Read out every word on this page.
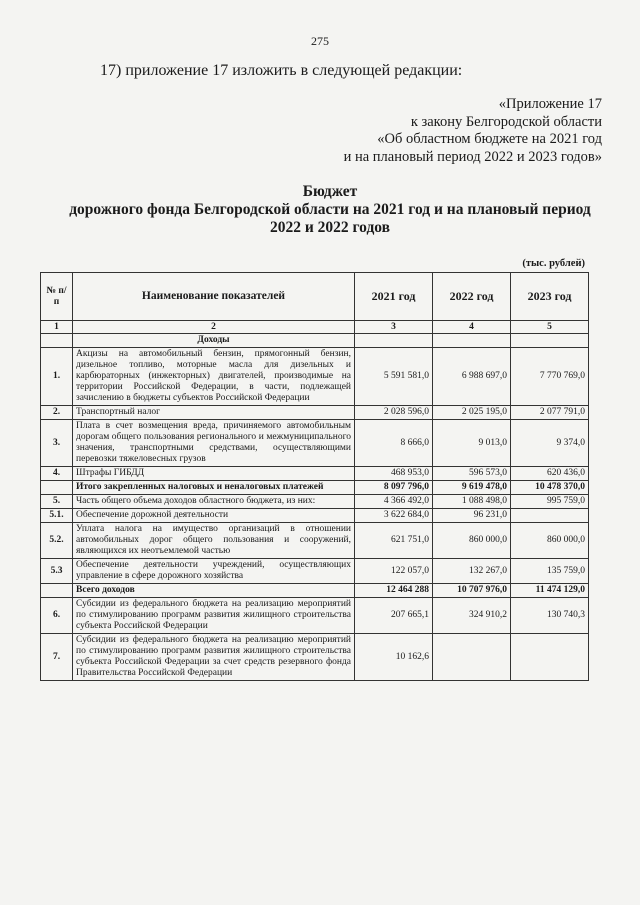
275
17) приложение 17 изложить в следующей редакции:
«Приложение 17
к закону Белгородской области
«Об областном бюджете на 2021 год
и на плановый период 2022 и 2023 годов»
Бюджет
дорожного фонда Белгородской области на 2021 год и на плановый период
2022 и 2022 годов
(тыс. рублей)
№ п/п	Наименование показателей	2021 год	2022 год	2023 год
1	2	3	4	5
	Доходы			
1.	Акцизы на автомобильный бензин, прямогонный бензин, дизельное топливо, моторные масла для дизельных и карбюраторных (инжекторных) двигателей, производимые на территории Российской Федерации, в части, подлежащей зачислению в бюджеты субъектов Российской Федерации	5 591 581,0	6 988 697,0	7 770 769,0
2.	Транспортный налог	2 028 596,0	2 025 195,0	2 077 791,0
3.	Плата в счет возмещения вреда, причиняемого автомобильным дорогам общего пользования регионального и межмуниципального значения, транспортными средствами, осуществляющими перевозки тяжеловесных грузов	8 666,0	9 013,0	9 374,0
4.	Штрафы ГИБДД	468 953,0	596 573,0	620 436,0
	Итого закрепленных налоговых и неналоговых платежей	8 097 796,0	9 619 478,0	10 478 370,0
5.	Часть общего объема доходов областного бюджета, из них:	4 366 492,0	1 088 498,0	995 759,0
5.1.	Обеспечение дорожной деятельности	3 622 684,0	96 231,0	
5.2.	Уплата налога на имущество организаций в отношении автомобильных дорог общего пользования и сооружений, являющихся их неотъемлемой частью	621 751,0	860 000,0	860 000,0
5.3	Обеспечение деятельности учреждений, осуществляющих управление в сфере дорожного хозяйства	122 057,0	132 267,0	135 759,0
	Всего доходов	12 464 288	10 707 976,0	11 474 129,0
6.	Субсидии из федерального бюджета на реализацию мероприятий по стимулированию программ развития жилищного строительства субъекта Российской Федерации	207 665,1	324 910,2	130 740,3
7.	Субсидии из федерального бюджета на реализацию мероприятий по стимулированию программ развития жилищного строительства субъекта Российской Федерации за счет средств резервного фонда Правительства Российской Федерации	10 162,6		
